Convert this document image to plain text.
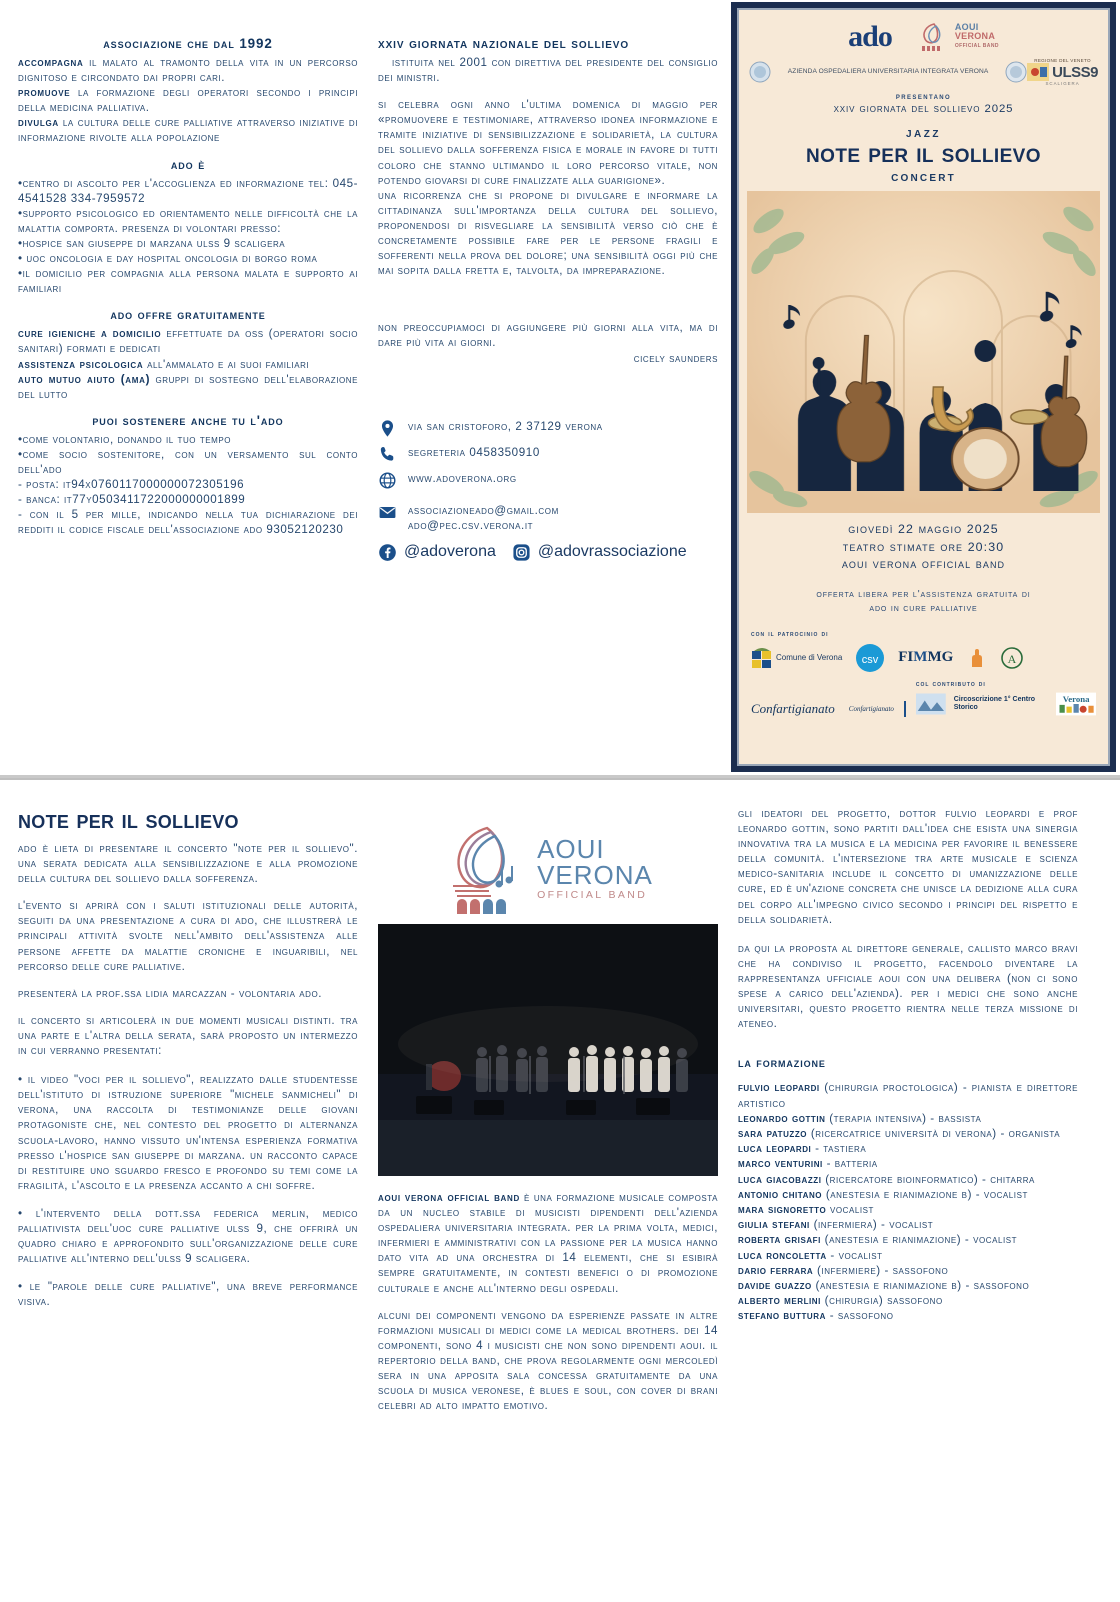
associazione che dal 1992

accompagna il malato al tramonto della vita in un percorso dignitoso e circondato dai propri cari.

promuove la formazione degli operatori secondo i principi della medicina palliativa.

divulga la cultura delle cure palliative attraverso iniziative di informazione rivolte alla popolazione

ado è

•centro di ascolto per l'accoglienza ed informazione tel: 045-4541528 334-7959572

•supporto psicologico ed orientamento nelle difficoltà che la malattia comporta. presenza di volontari presso:

•hospice san giuseppe di marzana ulss 9 scaligera

• uoc oncologia e day hospital oncologia di borgo roma

•il domicilio per compagnia alla persona malata e supporto ai familiari

ado offre gratuitamente

cure igieniche a domicilio effettuate da oss (operatori socio sanitari) formati e dedicati

assistenza psicologica all'ammalato e ai suoi familiari

auto mutuo aiuto (ama) gruppi di sostegno dell'elaborazione del lutto

puoi sostenere anche tu l'ado

•come volontario, donando il tuo tempo

•come socio sostenitore, con un versamento sul conto dell'ado

- posta: it94x0760117000000072305196

- banca: it77y0503411722000000001899

- con il 5 per mille, indicando nella tua dichiarazione dei redditi il codice fiscale dell'associazione ado 93052120230

xxiv giornata nazionale del sollievo

istituita nel 2001 con direttiva del presidente del consiglio dei ministri.

si celebra ogni anno l'ultima domenica di maggio per «promuovere e testimoniare, attraverso idonea informazione e tramite iniziative di sensibilizzazione e solidarietà, la cultura del sollievo dalla sofferenza fisica e morale in favore di tutti coloro che stanno ultimando il loro percorso vitale, non potendo giovarsi di cure finalizzate alla guarigione».

una ricorrenza che si propone di divulgare e informare la cittadinanza sull'importanza della cultura del sollievo, proponendosi di risvegliare la sensibilità verso ciò che è concretamente possibile fare per le persone fragili e sofferenti nella prova del dolore; una sensibilità oggi più che mai sopita dalla fretta e, talvolta, da impreparazione.

non preoccupiamoci di aggiungere più giorni alla vita, ma di dare più vita ai giorni.

cicely saunders

via san cristoforo, 2 37129 verona
segreteria 0458350910
www.adoverona.org
associazioneado@gmail.com
ado@pec.csv.verona.it
@adoverona	@adovrassociazione
ado	AOUI
VERONA
OFFICIAL BAND
AZIENDA OSPEDALIERA UNIVERSITARIA INTEGRATA VERONA
REGIONE DEL VENETO
ULSS9
SCALIGERA
presentano
xxiv giornata del sollievo 2025
jazz
note per il sollievo
concert
giovedì 22 maggio 2025
teatro stimate ore 20:30
aoui verona official band
offerta libera per l'assistenza gratuita di
ado in cure palliative
con il patrocinio di
Comune di Verona csv FIMMG	A
Confartigianato Confartigianato
col contributo di
Circoscrizione 1° Centro Storico
Verona
note per il sollievo

ado è lieta di presentare il concerto "note per il sollievo". una serata dedicata alla sensibilizzazione e alla promozione della cultura del sollievo dalla sofferenza.

l'evento si aprirà con i saluti istituzionali delle autorità, seguiti da una presentazione a cura di ado, che illustrerà le principali attività svolte nell'ambito dell'assistenza alle persone affette da malattie croniche e inguaribili, nel percorso delle cure palliative.

presenterà la prof.ssa lidia marcazzan - volontaria ado.

il concerto si articolerà in due momenti musicali distinti. tra una parte e l'altra della serata, sarà proposto un intermezzo in cui verranno presentati:

• il video "voci per il sollievo", realizzato dalle studentesse dell'istituto di istruzione superiore "michele sanmicheli" di verona, una raccolta di testimonianze delle giovani protagoniste che, nel contesto del progetto di alternanza scuola-lavoro, hanno vissuto un'intensa esperienza formativa presso l'hospice san giuseppe di marzana. un racconto capace di restituire uno sguardo fresco e profondo su temi come la fragilità, l'ascolto e la presenza accanto a chi soffre.

• l'intervento della dott.ssa federica merlin, medico palliativista dell'uoc cure palliative ulss 9, che offrirà un quadro chiaro e approfondito sull'organizzazione delle cure palliative all'interno dell'ulss 9 scaligera.

• le "parole delle cure palliative", una breve performance visiva.

AOUI
VERONA
OFFICIAL BAND

aoui verona official band è una formazione musicale composta da un nucleo stabile di musicisti dipendenti dell'azienda ospedaliera universitaria integrata. per la prima volta, medici, infermieri e amministrativi con la passione per la musica hanno dato vita ad una orchestra di 14 elementi, che si esibirà sempre gratuitamente, in contesti benefici o di promozione culturale e anche all'interno degli ospedali.

alcuni dei componenti vengono da esperienze passate in altre formazioni musicali di medici come la medical brothers. dei 14 componenti, sono 4 i musicisti che non sono dipendenti aoui. il repertorio della band, che prova regolarmente ogni mercoledì sera in una apposita sala concessa gratuitamente da una scuola di musica veronese, è blues e soul, con cover di brani celebri ad alto impatto emotivo.

gli ideatori del progetto, dottor fulvio leopardi e prof leonardo gottin, sono partiti dall'idea che esista una sinergia innovativa tra la musica e la medicina per favorire il benessere della comunità. l'intersezione tra arte musicale e scienza medico-sanitaria include il concetto di umanizzazione delle cure, ed è un'azione concreta che unisce la dedizione alla cura del corpo all'impegno civico secondo i principi del rispetto e della solidarietà.

da qui la proposta al direttore generale, callisto marco bravi che ha condiviso il progetto, facendolo diventare la rappresentanza ufficiale aoui con una delibera (non ci sono spese a carico dell'azienda). per i medici che sono anche universitari, questo progetto rientra nelle terza missione di ateneo.

la formazione

fulvio leopardi (chirurgia proctologica) - pianista e direttore artistico

leonardo gottin (terapia intensiva) - bassista

sara patuzzo (ricercatrice università di verona) - organista

luca leopardi - tastiera

marco venturini - batteria

luca giacobazzi (ricercatore bioinformatico) - chitarra

antonio chitano (anestesia e rianimazione b) - vocalist

mara signoretto vocalist

giulia stefani (infermiera) - vocalist

roberta grisafi (anestesia e rianimazione) - vocalist

luca roncoletta - vocalist

dario ferrara (infermiere) - sassofono

davide guazzo (anestesia e rianimazione b) - sassofono

alberto merlini (chirurgia) sassofono

stefano buttura - sassofono
